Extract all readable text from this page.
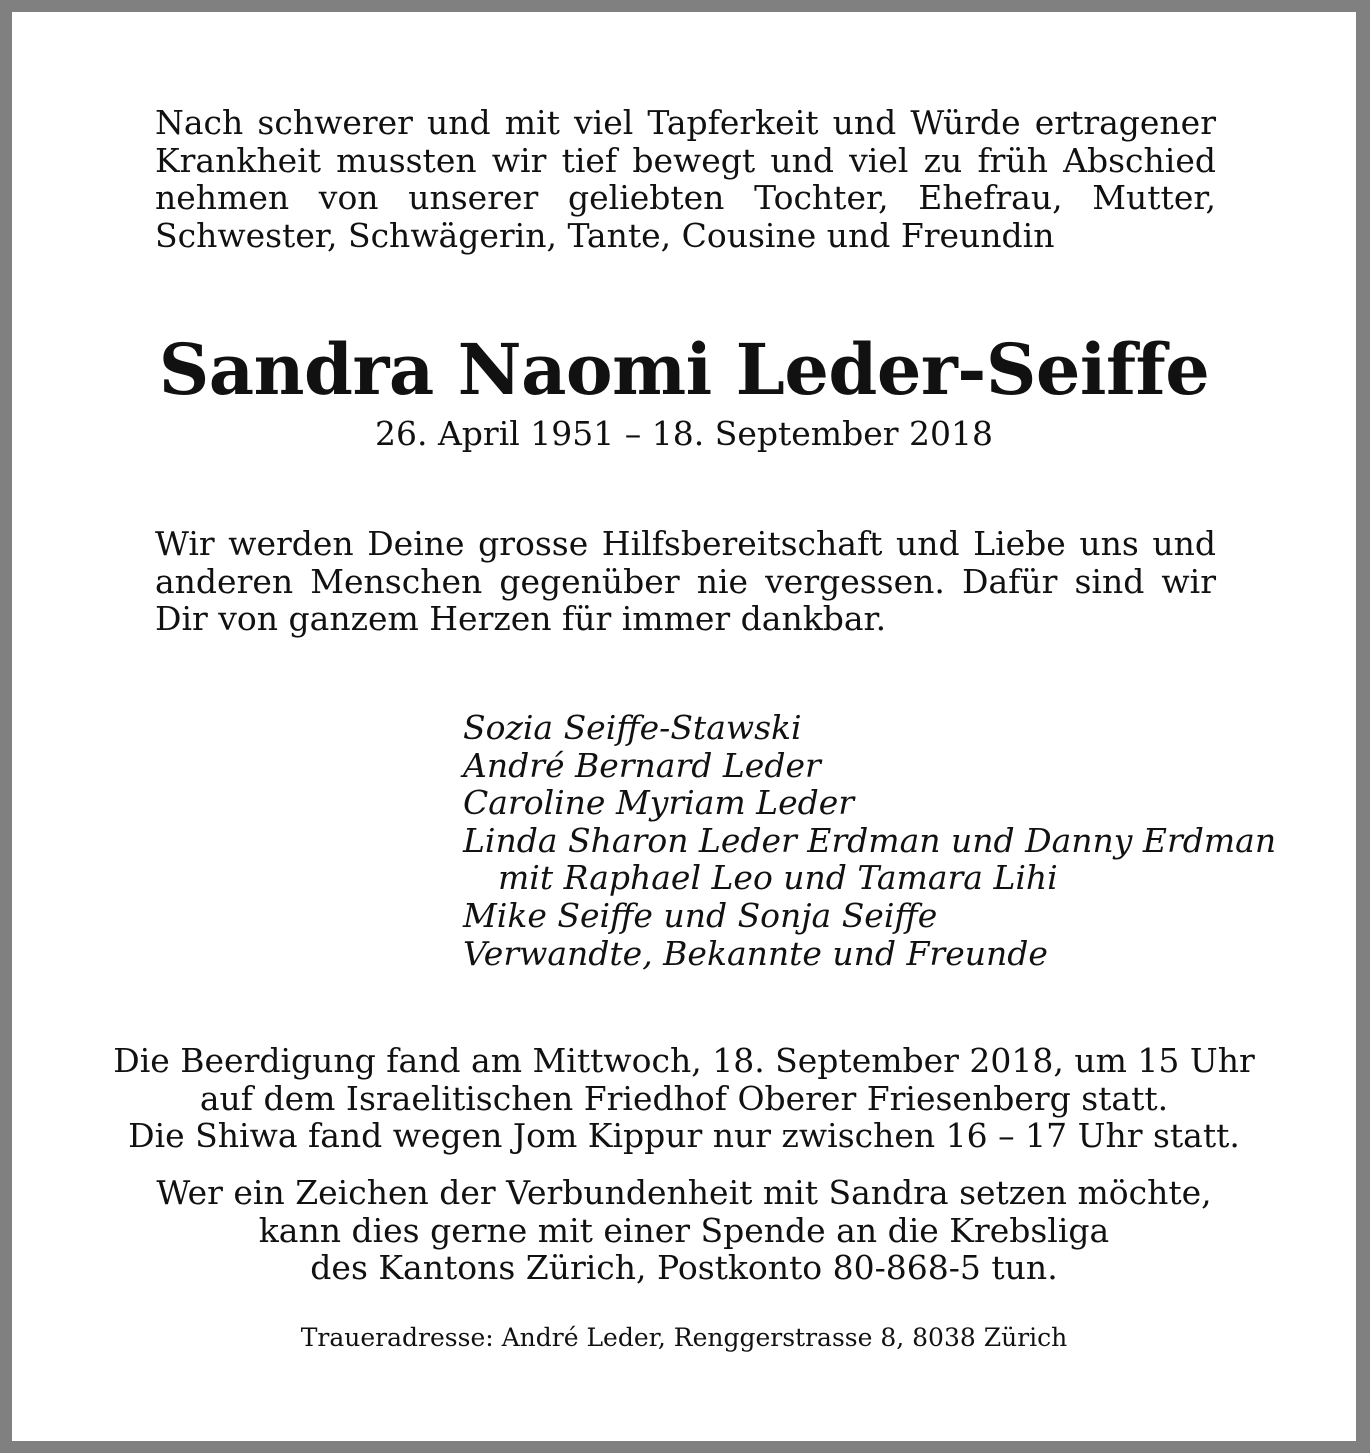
Nach schwerer und mit viel Tapferkeit und Würde ertragener Krankheit mussten wir tief bewegt und viel zu früh Abschied nehmen von unserer geliebten Tochter, Ehefrau, Mutter, Schwester, Schwägerin, Tante, Cousine und Freundin

Sandra Naomi Leder-Seiffe

26. April 1951 – 18. September 2018

Wir werden Deine grosse Hilfsbereitschaft und Liebe uns und anderen Menschen gegenüber nie vergessen. Dafür sind wir Dir von ganzem Herzen für immer dankbar.

Sozia Seiffe-Stawski
André Bernard Leder
Caroline Myriam Leder
Linda Sharon Leder Erdman und Danny Erdman
mit Raphael Leo und Tamara Lihi
Mike Seiffe und Sonja Seiffe
Verwandte, Bekannte und Freunde

Die Beerdigung fand am Mittwoch, 18. September 2018, um 15 Uhr
auf dem Israelitischen Friedhof Oberer Friesenberg statt.
Die Shiwa fand wegen Jom Kippur nur zwischen 16 – 17 Uhr statt.

Wer ein Zeichen der Verbundenheit mit Sandra setzen möchte,
kann dies gerne mit einer Spende an die Krebsliga
des Kantons Zürich, Postkonto 80-868-5 tun.

Traueradresse: André Leder, Renggerstrasse 8, 8038 Zürich
